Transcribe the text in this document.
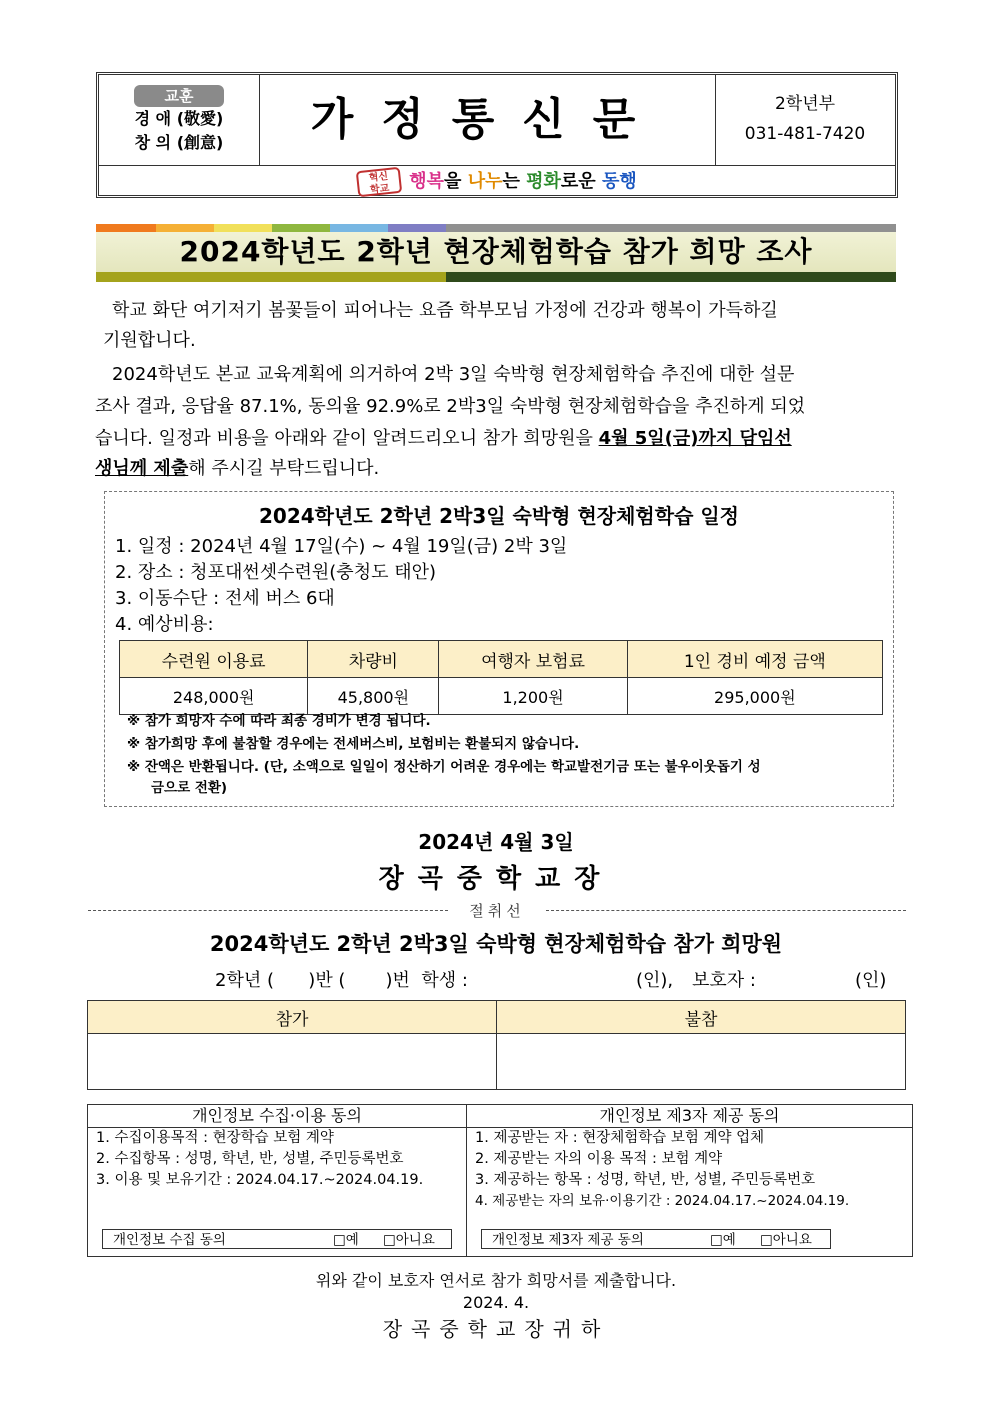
교훈
경 애 (敬愛)
창 의 (創意)	가정통신문	2학년부
031-481-7420
혁신
학교 행복을 나누는 평화로운 동행
2024학년도 2학년 현장체험학습 참가 희망 조사
학교 화단 여기저기 봄꽃들이 피어나는 요즘 학부모님 가정에 건강과 행복이 가득하길
기원합니다.
2024학년도 본교 교육계획에 의거하여 2박 3일 숙박형 현장체험학습 추진에 대한 설문
조사 결과, 응답율 87.1%, 동의율 92.9%로 2박3일 숙박형 현장체험학습을 추진하게 되었
습니다. 일정과 비용을 아래와 같이 알려드리오니 참가 희망원을 4월 5일(금)까지 담임선
생님께 제출해 주시길 부탁드립니다.
2024학년도 2학년 2박3일 숙박형 현장체험학습 일정
1. 일정 : 2024년 4월 17일(수) ~ 4월 19일(금) 2박 3일
2. 장소 : 청포대썬셋수련원(충청도 태안)
3. 이동수단 : 전세 버스 6대
4. 예상비용:
수련원 이용료	차량비	여행자 보험료	1인 경비 예정 금액
248,000원	45,800원	1,200원	295,000원
※ 참가 희망자 수에 따라 최종 경비가 변경 됩니다.
※ 참가희망 후에 불참할 경우에는 전세버스비, 보험비는 환불되지 않습니다.
※ 잔액은 반환됩니다. (단, 소액으로 일일이 정산하기 어려운 경우에는 학교발전기금 또는 불우이웃돕기 성
금으로 전환)
2024년 4월 3일
장곡중학교장
절취선
2024학년도 2학년 2박3일 숙박형 현장체험학습 참가 희망원
2학년 (      )반 (       )번  학생 :	(인), 보호자 :	(인)
참가	불참

개인정보 수집·이용 동의
1. 수집이용목적 : 현장학습 보험 계약
2. 수집항목 : 성명, 학년, 반, 성별, 주민등록번호
3. 이용 및 보유기간 : 2024.04.17.~2024.04.19.
개인정보 수집 동의	□예 □아니요
개인정보 제3자 제공 동의
1. 제공받는 자 : 현장체험학습 보험 계약 업체
2. 제공받는 자의 이용 목적 : 보험 계약
3. 제공하는 항목 : 성명, 학년, 반, 성별, 주민등록번호
4. 제공받는 자의 보유·이용기간 : 2024.04.17.~2024.04.19.
개인정보 제3자 제공 동의	□예 □아니요
위와 같이 보호자 연서로 참가 희망서를 제출합니다.
2024. 4.
장곡중학교장귀하
